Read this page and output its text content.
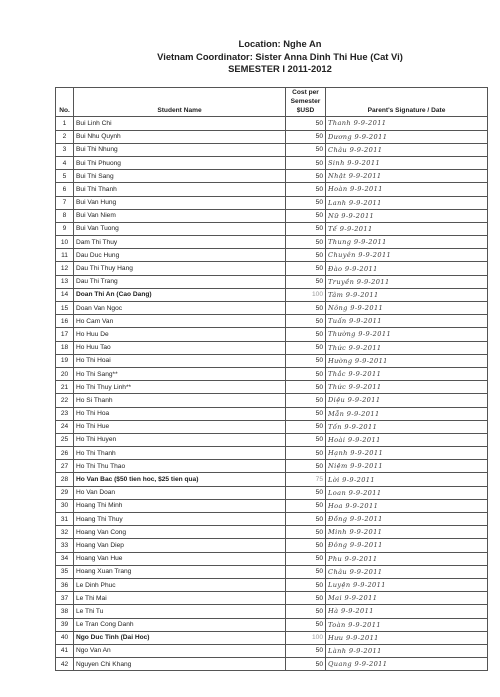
Location: Nghe An
Vietnam Coordinator: Sister Anna Dinh Thi Hue (Cat Vi)
SEMESTER I 2011-2012
No.	Student Name	Cost per
Semester
$USD	Parent's Signature / Date
1	Bui Linh Chi	50	Thanh 9-9-2011
2	Bui Nhu Quynh	50	Dương 9-9-2011
3	Bui Thi Nhung	50	Châu 9-9-2011
4	Bui Thi Phuong	50	Sinh 9-9-2011
5	Bui Thi Sang	50	Nhật 9-9-2011
6	Bui Thi Thanh	50	Hoàn 9-9-2011
7	Bui Van Hung	50	Lanh 9-9-2011
8	Bui Van Niem	50	Nữ 9-9-2011
9	Bui Van Tuong	50	Tế 9-9-2011
10	Dam Thi Thuy	50	Thung 9-9-2011
11	Dau Duc Hung	50	Chuyên 9-9-2011
12	Dau Thi Thuy Hang	50	Đào 9-9-2011
13	Dau Thi Trang	50	Truyền 9-9-2011
14	Doan Thi An (Cao Dang)	100	Tâm 9-9-2011
15	Doan Van Ngoc	50	Nông 9-9-2011
16	Ho Cam Van	50	Tuấn 9-9-2011
17	Ho Huu De	50	Thường 9-9-2011
18	Ho Huu Tao	50	Thức 9-9-2011
19	Ho Thi Hoai	50	Hường 9-9-2011
20	Ho Thi Sang**	50	Thắc 9-9-2011
21	Ho Thi Thuy Linh**	50	Thức 9-9-2011
22	Ho Si Thanh	50	Diệu 9-9-2011
23	Ho Thi Hoa	50	Mẫn 9-9-2011
24	Ho Thi Hue	50	Tốn 9-9-2011
25	Ho Thi Huyen	50	Hoài 9-9-2011
26	Ho Thi Thanh	50	Hạnh 9-9-2011
27	Ho Thi Thu Thao	50	Niệm 9-9-2011
28	Ho Van Bac ($50 tien hoc, $25 tien qua)	75	Lời 9-9-2011
29	Ho Van Doan	50	Loan 9-9-2011
30	Hoang Thi Minh	50	Hoa 9-9-2011
31	Hoang Thi Thuy	50	Đồng 9-9-2011
32	Hoang Van Cong	50	Minh 9-9-2011
33	Hoang Van Diep	50	Đông 9-9-2011
34	Hoang Van Hue	50	Phu 9-9-2011
35	Hoang Xuan Trang	50	Châu 9-9-2011
36	Le Dinh Phuc	50	Luyện 9-9-2011
37	Le Thi Mai	50	Mai 9-9-2011
38	Le Thi Tu	50	Hà 9-9-2011
39	Le Tran Cong Danh	50	Toàn 9-9-2011
40	Ngo Duc Tinh (Dai Hoc)	100	Hưu 9-9-2011
41	Ngo Van An	50	Lành 9-9-2011
42	Nguyen Chi Khang	50	Quang 9-9-2011
